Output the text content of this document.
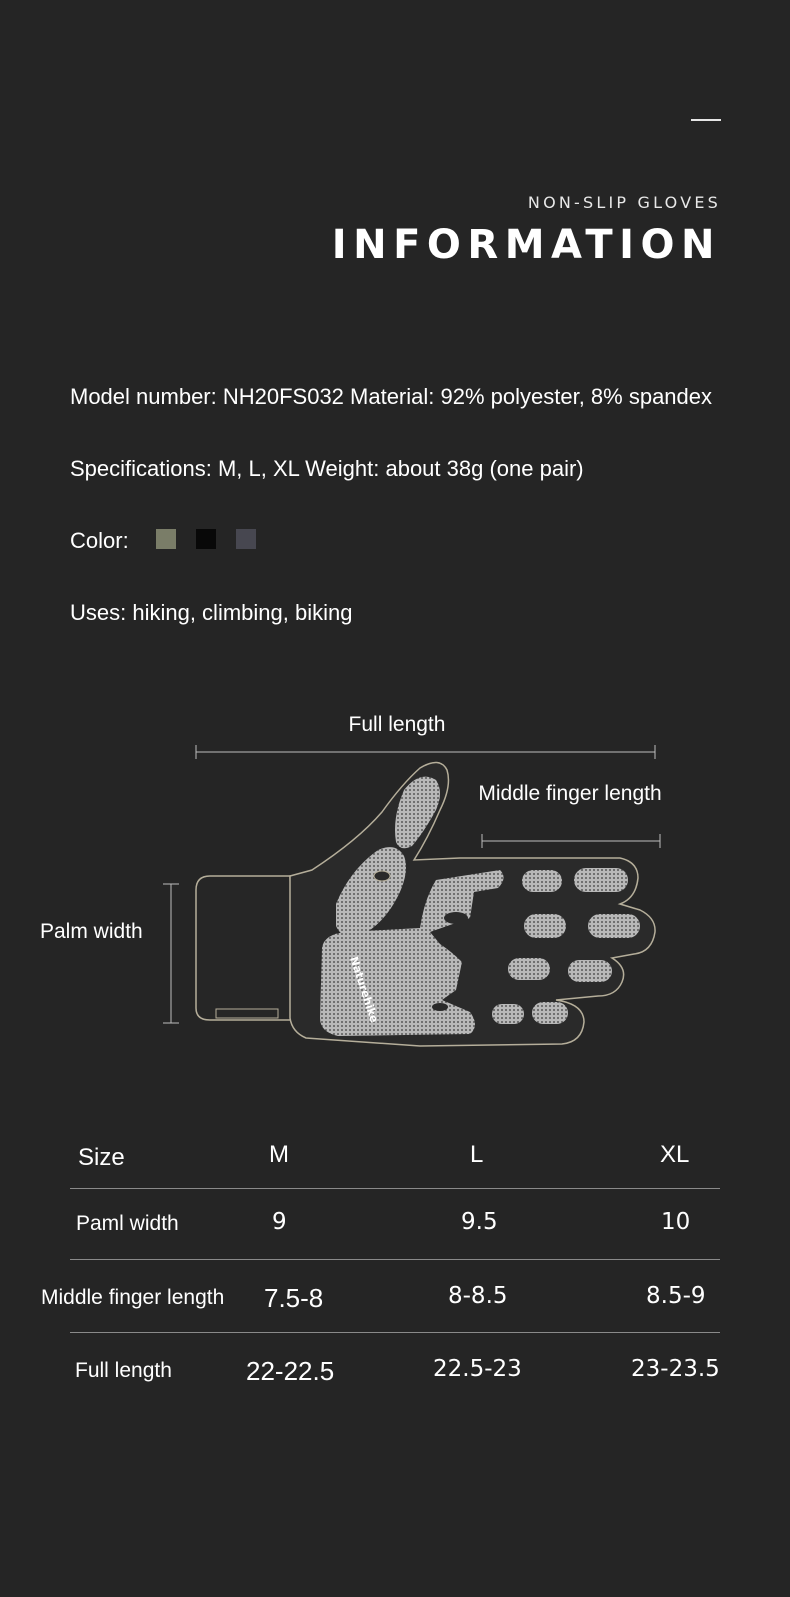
NON-SLIP GLOVES
INFORMATION
Model number: NH20FS032 Material: 92% polyester, 8% spandex
Specifications: M, L, XL Weight: about 38g (one pair)
Color:
Uses: hiking, climbing, biking
Full length
Middle finger length
Palm width
Naturehike
Size	M	L	XL
Paml width	9	9.5	10
Middle finger length 7.5-8	8-8.5	8.5-9
Full length	22-22.5	22.5-23	23-23.5
